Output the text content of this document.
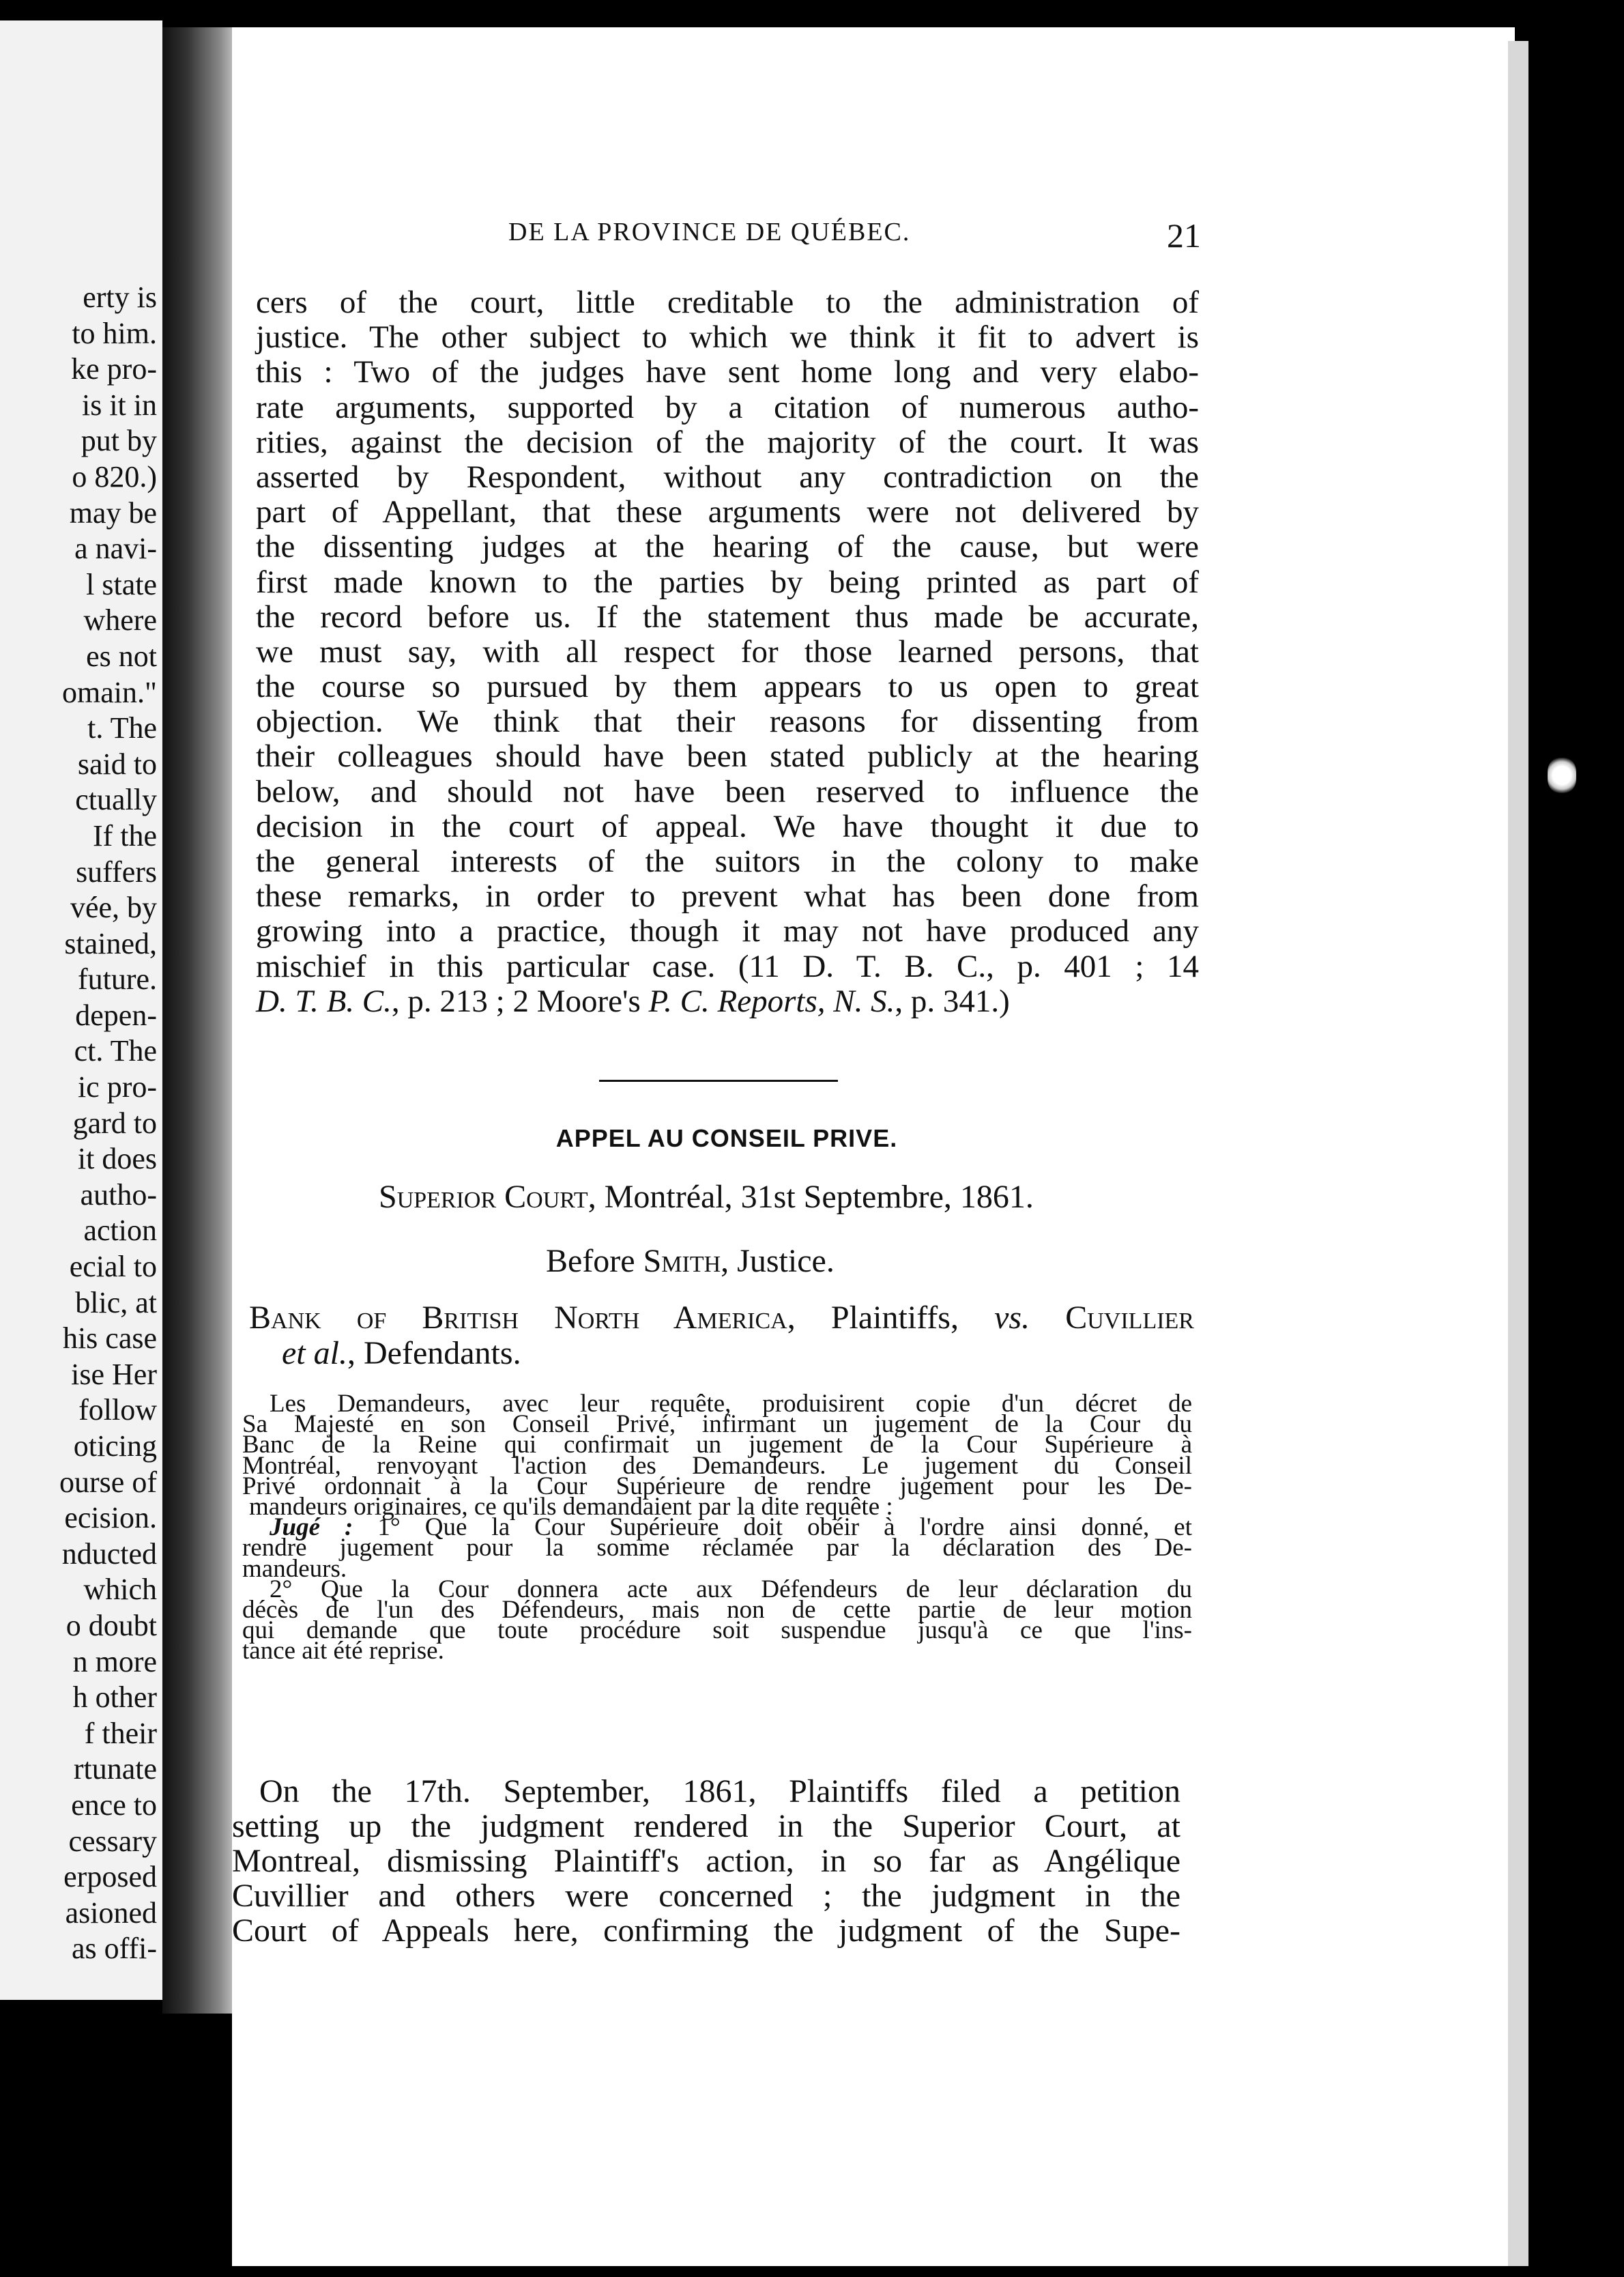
erty is
to him.
ke pro-
is it in
put by
o 820.)
may be
a navi-
l state
where
es not
omain."
t. The
said to
ctually
If the
suffers
vée, by
stained,
future.
depen-
ct. The
ic pro-
gard to
it does
autho-
action
ecial to
blic, at
his case
ise Her
follow
oticing
ourse of
ecision.
nducted
which
o doubt
n more
h other
f their
rtunate
ence to
cessary
erposed
asioned
as offi-
DE LA PROVINCE DE QUÉBEC.	21
cers of the court, little creditable to the administration of
justice. The other subject to which we think it fit to advert is
this : Two of the judges have sent home long and very elabo-
rate arguments, supported by a citation of numerous autho-
rities, against the decision of the majority of the court. It was
asserted by Respondent, without any contradiction on the
part of Appellant, that these arguments were not delivered by
the dissenting judges at the hearing of the cause, but were
first made known to the parties by being printed as part of
the record before us. If the statement thus made be accurate,
we must say, with all respect for those learned persons, that
the course so pursued by them appears to us open to great
objection. We think that their reasons for dissenting from
their colleagues should have been stated publicly at the hearing
below, and should not have been reserved to influence the
decision in the court of appeal. We have thought it due to
the general interests of the suitors in the colony to make
these remarks, in order to prevent what has been done from
growing into a practice, though it may not have produced any
mischief in this particular case. (11 D. T. B. C., p. 401 ; 14
D. T. B. C., p. 213 ; 2 Moore's P. C. Reports, N. S., p. 341.)
APPEL AU CONSEIL PRIVE.
Superior Court, Montréal, 31st Septembre, 1861.
Before Smith, Justice.
Bank of British North America, Plaintiffs, vs. Cuvillier
et al., Defendants.
Les Demandeurs, avec leur requête, produisirent copie d'un décret de
Sa Majesté en son Conseil Privé, infirmant un jugement de la Cour du
Banc de la Reine qui confirmait un jugement de la Cour Supérieure à
Montréal, renvoyant l'action des Demandeurs. Le jugement du Conseil
Privé ordonnait à la Cour Supérieure de rendre jugement pour les De-
mandeurs originaires, ce qu'ils demandaient par la dite requête :
Jugé : 1° Que la Cour Supérieure doit obéir à l'ordre ainsi donné, et
rendre jugement pour la somme réclamée par la déclaration des De-
mandeurs.
2° Que la Cour donnera acte aux Défendeurs de leur déclaration du
décès de l'un des Défendeurs, mais non de cette partie de leur motion
qui demande que toute procédure soit suspendue jusqu'à ce que l'ins-
tance ait été reprise.
On the 17th. September, 1861, Plaintiffs filed a petition
setting up the judgment rendered in the Superior Court, at
Montreal, dismissing Plaintiff's action, in so far as Angélique
Cuvillier and others were concerned ; the judgment in the
Court of Appeals here, confirming the judgment of the Supe-
